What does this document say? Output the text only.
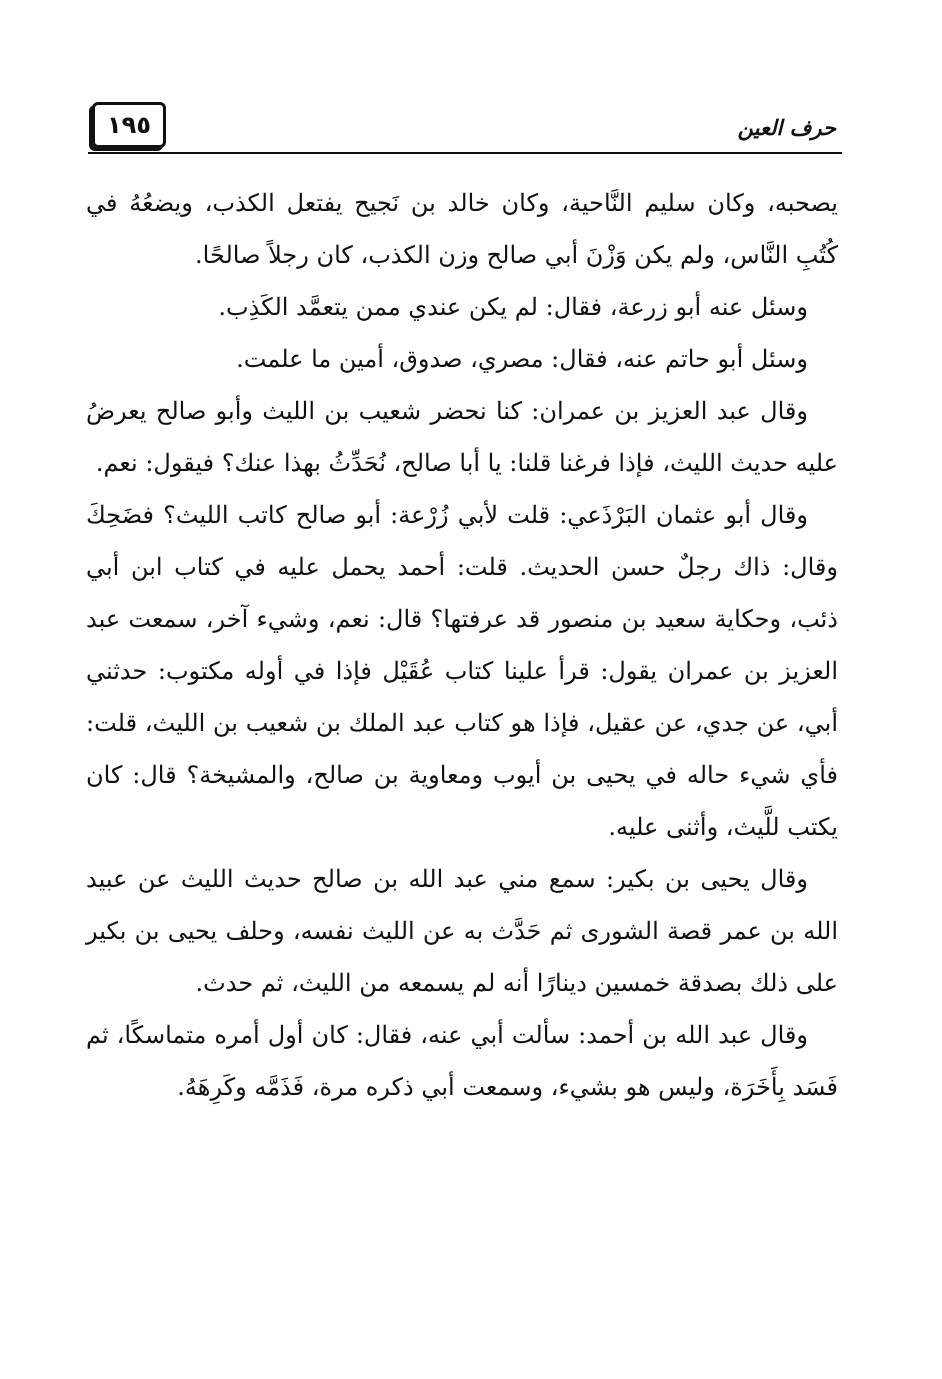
١٩٥	حرف العين

يصحبه، وكان سليم النَّاحية، وكان خالد بن نَجيح يفتعل الكذب، ويضعُهُ في كُتُبِ النَّاس، ولم يكن وَزْنَ أبي صالح وزن الكذب، كان رجلاً صالحًا.

وسئل عنه أبو زرعة، فقال: لم يكن عندي ممن يتعمَّد الكَذِب.

وسئل أبو حاتم عنه، فقال: مصري، صدوق، أمين ما علمت.

وقال عبد العزيز بن عمران: كنا نحضر شعيب بن الليث وأبو صالح يعرضُ عليه حديث الليث، فإذا فرغنا قلنا: يا أبا صالح، نُحَدِّثُ بهذا عنك؟ فيقول: نعم.

وقال أبو عثمان البَرْذَعي: قلت لأبي زُرْعة: أبو صالح كاتب الليث؟ فضَحِكَ وقال: ذاك رجلٌ حسن الحديث. قلت: أحمد يحمل عليه في كتاب ابن أبي ذئب، وحكاية سعيد بن منصور قد عرفتها؟ قال: نعم، وشيء آخر، سمعت عبد العزيز بن عمران يقول: قرأ علينا كتاب عُقَيْل فإذا في أوله مكتوب: حدثني أبي، عن جدي، عن عقيل، فإذا هو كتاب عبد الملك بن شعيب بن الليث، قلت: فأي شيء حاله في يحيى بن أيوب ومعاوية بن صالح، والمشيخة؟ قال: كان يكتب للَّيث، وأثنى عليه.

وقال يحيى بن بكير: سمع مني عبد الله بن صالح حديث الليث عن عبيد الله بن عمر قصة الشورى ثم حَدَّث به عن الليث نفسه، وحلف يحيى بن بكير على ذلك بصدقة خمسين دينارًا أنه لم يسمعه من الليث، ثم حدث.

وقال عبد الله بن أحمد: سألت أبي عنه، فقال: كان أول أمره متماسكًا، ثم فَسَد بِأَخَرَة، وليس هو بشيء، وسمعت أبي ذكره مرة، فَذَمَّه وكَرِهَهُ.
